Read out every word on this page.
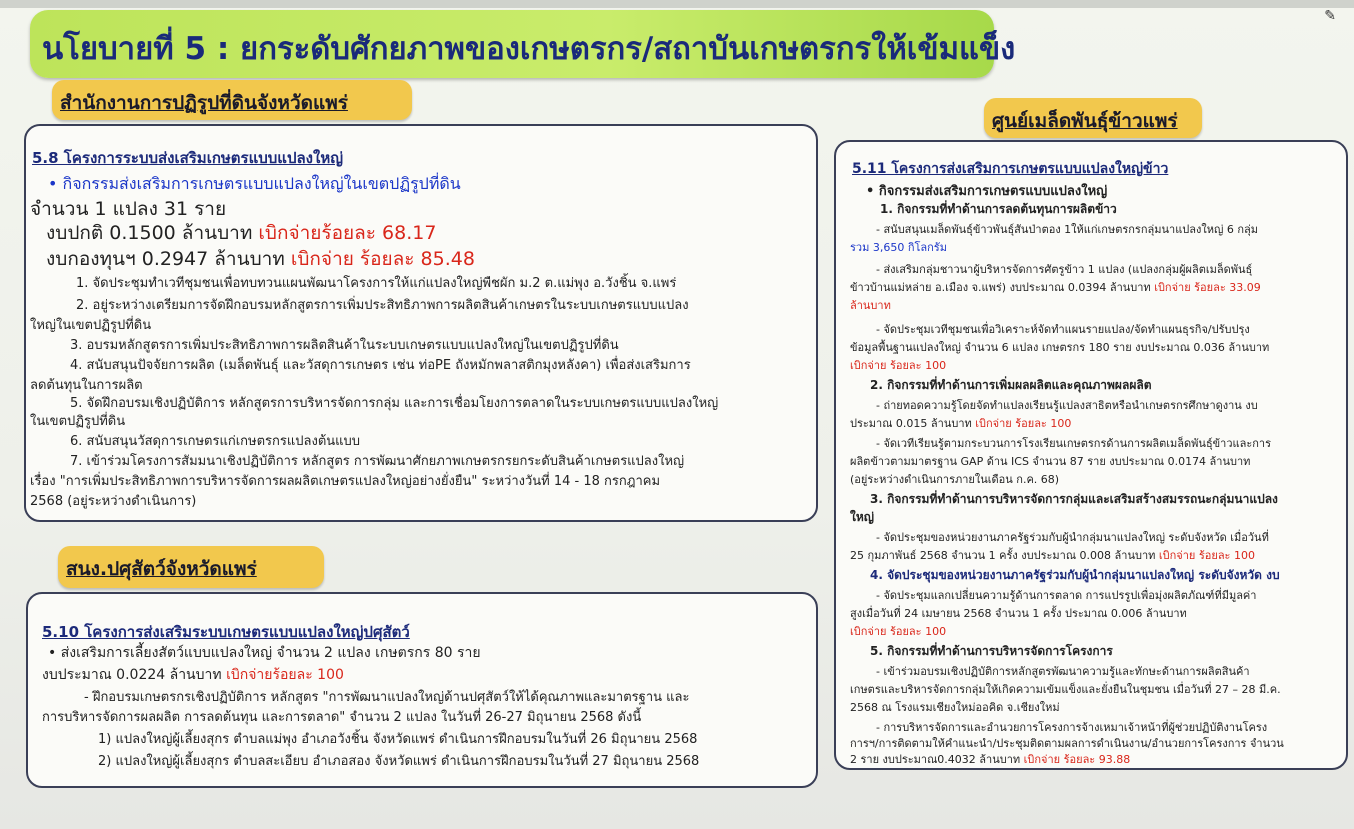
✎
นโยบายที่ 5 : ยกระดับศักยภาพของเกษตรกร/สถาบันเกษตรกรให้เข้มแข็ง
สำนักงานการปฏิรูปที่ดินจังหวัดแพร่
ศูนย์เมล็ดพันธุ์ข้าวแพร่
5.8 โครงการระบบส่งเสริมเกษตรแบบแปลงใหญ่
• กิจกรรมส่งเสริมการเกษตรแบบแปลงใหญ่ในเขตปฏิรูปที่ดิน
จำนวน 1 แปลง 31 ราย
งบปกติ 0.1500 ล้านบาท เบิกจ่ายร้อยละ 68.17
งบกองทุนฯ 0.2947 ล้านบาท เบิกจ่าย ร้อยละ 85.48
1. จัดประชุมทำเวทีชุมชนเพื่อทบทวนแผนพัฒนาโครงการให้แก่แปลงใหญ่พืชผัก ม.2 ต.แม่พุง อ.วังชิ้น จ.แพร่
2. อยู่ระหว่างเตรียมการจัดฝึกอบรมหลักสูตรการเพิ่มประสิทธิภาพการผลิตสินค้าเกษตรในระบบเกษตรแบบแปลง
ใหญ่ในเขตปฏิรูปที่ดิน
3. อบรมหลักสูตรการเพิ่มประสิทธิภาพการผลิตสินค้าในระบบเกษตรแบบแปลงใหญ่ในเขตปฏิรูปที่ดิน
4. สนับสนุนปัจจัยการผลิต (เมล็ดพันธุ์ และวัสดุการเกษตร เช่น ท่อPE ถังหมักพลาสติกมุงหลังคา) เพื่อส่งเสริมการ
ลดต้นทุนในการผลิต
5. จัดฝึกอบรมเชิงปฏิบัติการ หลักสูตรการบริหารจัดการกลุ่ม และการเชื่อมโยงการตลาดในระบบเกษตรแบบแปลงใหญ่
ในเขตปฏิรูปที่ดิน
6. สนับสนุนวัสดุการเกษตรแก่เกษตรกรแปลงต้นแบบ
7. เข้าร่วมโครงการสัมมนาเชิงปฏิบัติการ หลักสูตร การพัฒนาศักยภาพเกษตรกรยกระดับสินค้าเกษตรแปลงใหญ่
เรื่อง "การเพิ่มประสิทธิภาพการบริหารจัดการผลผลิตเกษตรแปลงใหญ่อย่างยั่งยืน" ระหว่างวันที่ 14 - 18 กรกฎาคม
2568 (อยู่ระหว่างดำเนินการ)
สนง.ปศุสัตว์จังหวัดแพร่
5.10 โครงการส่งเสริมระบบเกษตรแบบแปลงใหญ่ปศุสัตว์
• ส่งเสริมการเลี้ยงสัตว์แบบแปลงใหญ่ จำนวน 2 แปลง เกษตรกร 80 ราย
งบประมาณ 0.0224 ล้านบาท เบิกจ่ายร้อยละ 100
- ฝึกอบรมเกษตรกรเชิงปฏิบัติการ หลักสูตร "การพัฒนาแปลงใหญ่ด้านปศุสัตว์ให้ได้คุณภาพและมาตรฐาน และ
การบริหารจัดการผลผลิต การลดต้นทุน และการตลาด" จำนวน 2 แปลง ในวันที่ 26-27 มิถุนายน 2568 ดังนี้
1) แปลงใหญ่ผู้เลี้ยงสุกร ตำบลแม่พุง อำเภอวังชิ้น จังหวัดแพร่ ดำเนินการฝึกอบรมในวันที่ 26 มิถุนายน 2568
2) แปลงใหญ่ผู้เลี้ยงสุกร ตำบลสะเอียบ อำเภอสอง จังหวัดแพร่ ดำเนินการฝึกอบรมในวันที่ 27 มิถุนายน 2568
5.11 โครงการส่งเสริมการเกษตรแบบแปลงใหญ่ข้าว
• กิจกรรมส่งเสริมการเกษตรแบบแปลงใหญ่
1. กิจกรรมที่ทำด้านการลดต้นทุนการผลิตข้าว
- สนับสนุนเมล็ดพันธุ์ข้าวพันธุ์สันป่าตอง 1ให้แก่เกษตรกรกลุ่มนาแปลงใหญ่ 6 กลุ่ม
รวม 3,650 กิโลกรัม
- ส่งเสริมกลุ่มชาวนาผู้บริหารจัดการศัตรูข้าว 1 แปลง (แปลงกลุ่มผู้ผลิตเมล็ดพันธุ์
ข้าวบ้านแม่หล่าย อ.เมือง จ.แพร่) งบประมาณ 0.0394 ล้านบาท เบิกจ่าย ร้อยละ 33.09
ล้านบาท
- จัดประชุมเวทีชุมชนเพื่อวิเคราะห์จัดทำแผนรายแปลง/จัดทำแผนธุรกิจ/ปรับปรุง
ข้อมูลพื้นฐานแปลงใหญ่ จำนวน 6 แปลง เกษตรกร 180 ราย งบประมาณ 0.036 ล้านบาท
เบิกจ่าย ร้อยละ 100
2. กิจกรรมที่ทำด้านการเพิ่มผลผลิตและคุณภาพผลผลิต
- ถ่ายทอดความรู้โดยจัดทำแปลงเรียนรู้แปลงสาธิตหรือนำเกษตรกรศึกษาดูงาน งบ
ประมาณ 0.015 ล้านบาท เบิกจ่าย ร้อยละ 100
- จัดเวทีเรียนรู้ตามกระบวนการโรงเรียนเกษตรกรด้านการผลิตเมล็ดพันธุ์ข้าวและการ
ผลิตข้าวตามมาตรฐาน GAP ด้าน ICS จำนวน 87 ราย งบประมาณ 0.0174 ล้านบาท
(อยู่ระหว่างดำเนินการภายในเดือน ก.ค. 68)
3. กิจกรรมที่ทำด้านการบริหารจัดการกลุ่มและเสริมสร้างสมรรถนะกลุ่มนาแปลง
ใหญ่
- จัดประชุมของหน่วยงานภาครัฐร่วมกับผู้นำกลุ่มนาแปลงใหญ่ ระดับจังหวัด เมื่อวันที่
25 กุมภาพันธ์ 2568 จำนวน 1 ครั้ง งบประมาณ 0.008 ล้านบาท เบิกจ่าย ร้อยละ 100
4. จัดประชุมของหน่วยงานภาครัฐร่วมกับผู้นำกลุ่มนาแปลงใหญ่ ระดับจังหวัด งบ
- จัดประชุมแลกเปลี่ยนความรู้ด้านการตลาด การแปรรูปเพื่อมุ่งผลิตภัณฑ์ที่มีมูลค่า
สูงเมื่อวันที่ 24 เมษายน 2568 จำนวน 1 ครั้ง ประมาณ 0.006 ล้านบาท
เบิกจ่าย ร้อยละ 100
5. กิจกรรมที่ทำด้านการบริหารจัดการโครงการ
- เข้าร่วมอบรมเชิงปฏิบัติการหลักสูตรพัฒนาความรู้และทักษะด้านการผลิตสินค้า
เกษตรและบริหารจัดการกลุ่มให้เกิดความเข้มแข็งและยั่งยืนในชุมชน เมื่อวันที่ 27 – 28 มี.ค.
2568 ณ โรงแรมเชียงใหม่ออคิด จ.เชียงใหม่
- การบริหารจัดการและอำนวยการโครงการจ้างเหมาเจ้าหน้าที่ผู้ช่วยปฏิบัติงานโครง
การฯ/การติดตามให้คำแนะนำ/ประชุมติดตามผลการดำเนินงาน/อำนวยการโครงการ จำนวน
2 ราย งบประมาณ0.4032 ล้านบาท เบิกจ่าย ร้อยละ 93.88
